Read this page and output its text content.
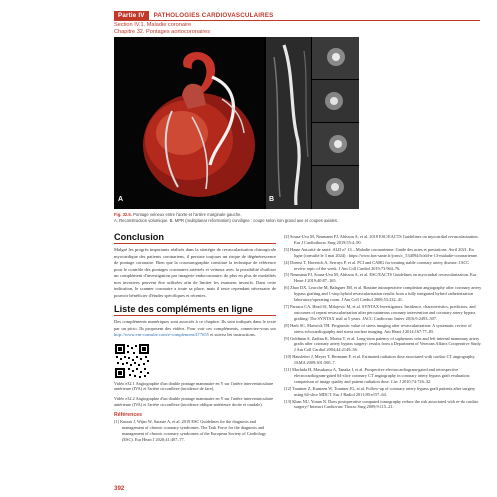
Partie IV	PATHOLOGIES CARDIOVASCULAIRES
Section IV.1. Maladie coronaire
Chapitre 32. Pontages aortocoronaires
A	B
Fig. 32.5. Pontage veineux entre l'aorte et l'artère marginale gauche.
A. Reconstruction volumique. B. MPR (multiplanar reformation) curviligne : coupe selon son grand axe et coupes axiales.
Conclusion

Malgré les progrès importants réalisés dans la stratégie de revascularisation chirurgicale myocardique des patients coronariens, il persiste toujours un risque de dégénérescence de pontage coronaire. Bien que la coronarographie constitue la technique de référence pour le contrôle des pontages coronaires artériels et veineux avec la possibilité d'utiliser un complément d'investigation par imagerie endocoronaire, de plus en plus de modalités non invasives peuvent être utilisées afin de limiter les examens invasifs. Dans cette indication, le scanner coronaire a toute sa place, mais il reste cependant nécessaire de pouvoir bénéficier d'études spécifiques et récentes.

Liste des compléments en ligne

Des compléments numériques sont associés à ce chapitre. Ils sont indiqués dans le texte par un picto. Ils proposent des vidéos. Pour voir ces compléments, connectez-vous sur http://www.em-consulte.com/e-complement/477655 et suivez les instructions.

Vidéo e32.1 Angiographie d'un double pontage mammaire en Y sur l'artère interventriculaire antérieure (IVA) et l'artère circonflexe (incidence de face).

Vidéo e32.2 Angiographie d'un double pontage mammaire en Y sur l'artère interventriculaire antérieure (IVA) et l'artère circonflexe (incidence oblique antérieure droite et caudale).

Références

[1] Knuuti J, Wijns W, Saraste A, et al. 2019 ESC Guidelines for the diagnosis and management of chronic coronary syndromes. The Task Force for the diagnosis and management of chronic coronary syndromes of the European Society of Cardiology (ESC). Eur Heart J 2020;41:407–77.

[2] Sousa-Uva M, Neumann FJ, Ahlsson A, et al. 2018 ESC/EACTS Guidelines on myocardial revascularization. Eur J Cardiothorac Surg 2019;55:4–90.

[3] Haute Autorité de santé. ALD n° 13 – Maladie coronarienne. Guide des actes et prestations. Avril 2021. En ligne (consulté le 3 mai 2024) : https://www.has-sante.fr/jcms/c_534094/fr/ald-n-13-maladie-coronarienne.

[4] Doenst T, Haverich A, Serruys P, et al. PCI and CABG for treating stable coronary artery disease: JACC review topic of the week. J Am Coll Cardiol 2019;73:964–76.

[5] Neumann FJ, Sousa-Uva M, Ahlsson A, et al. ESC/EACTS Guidelines on myocardial revascularization. Eur Heart J 2019;40:87–165.

[6] Zhao DX, Leacche M, Balaguer JM, et al. Routine intraoperative completion angiography after coronary artery bypass grafting and 1-stop hybrid revascularization results from a fully integrated hybrid catheterization laboratory/operating room. J Am Coll Cardiol 2009;53:232–41.

[7] Parasca CA, Head SJ, Milojevic M, et al. SYNTAX Investigators. Incidence, characteristics, predictors, and outcomes of repeat revascularization after percutaneous coronary intervention and coronary artery bypass grafting: The SYNTAX trial at 5 years. JACC Cardiovasc Interv 2016;9:2493–507.

[8] Harb SC, Marwick TH. Prognostic value of stress imaging after revascularization: A systematic review of stress echocardiography and stress nuclear imaging. Am Heart J 2014;167:77–85.

[9] Goldman S, Zadina K, Moritz T, et al. Long-term patency of saphenous vein and left internal mammary artery grafts after coronary artery bypass surgery: results from a Department of Veterans Affairs Cooperative Study. J Am Coll Cardiol 2004;44:2149–56.

[10] Hausleiter J, Meyer T, Hermann F, et al. Estimated radiation dose associated with cardiac CT angiography. JAMA 2009;301:500–7.

[11] Machida H, Masukawa A, Tanaka I, et al. Prospective electrocardiogram-gated and retrospective electrocardiogram-gated 64-slice coronary CT angiography in coronary artery bypass graft evaluation: comparison of image quality and patient radiation dose. Circ J 2010;74:726–32.

[12] Trautner Z, Kuntzen W, Trautner JG, et al. Follow-up of coronary artery bypass graft patients after surgery using 64-slice MDCT. Eur J Radiol 2011;80:e157–64.

[13] Khan NU, Yonan N. Does postoperative computed tomography reduce the risk associated with re-do cardiac surgery? Interact Cardiovasc Thorac Surg 2009;9:115–21.

392
